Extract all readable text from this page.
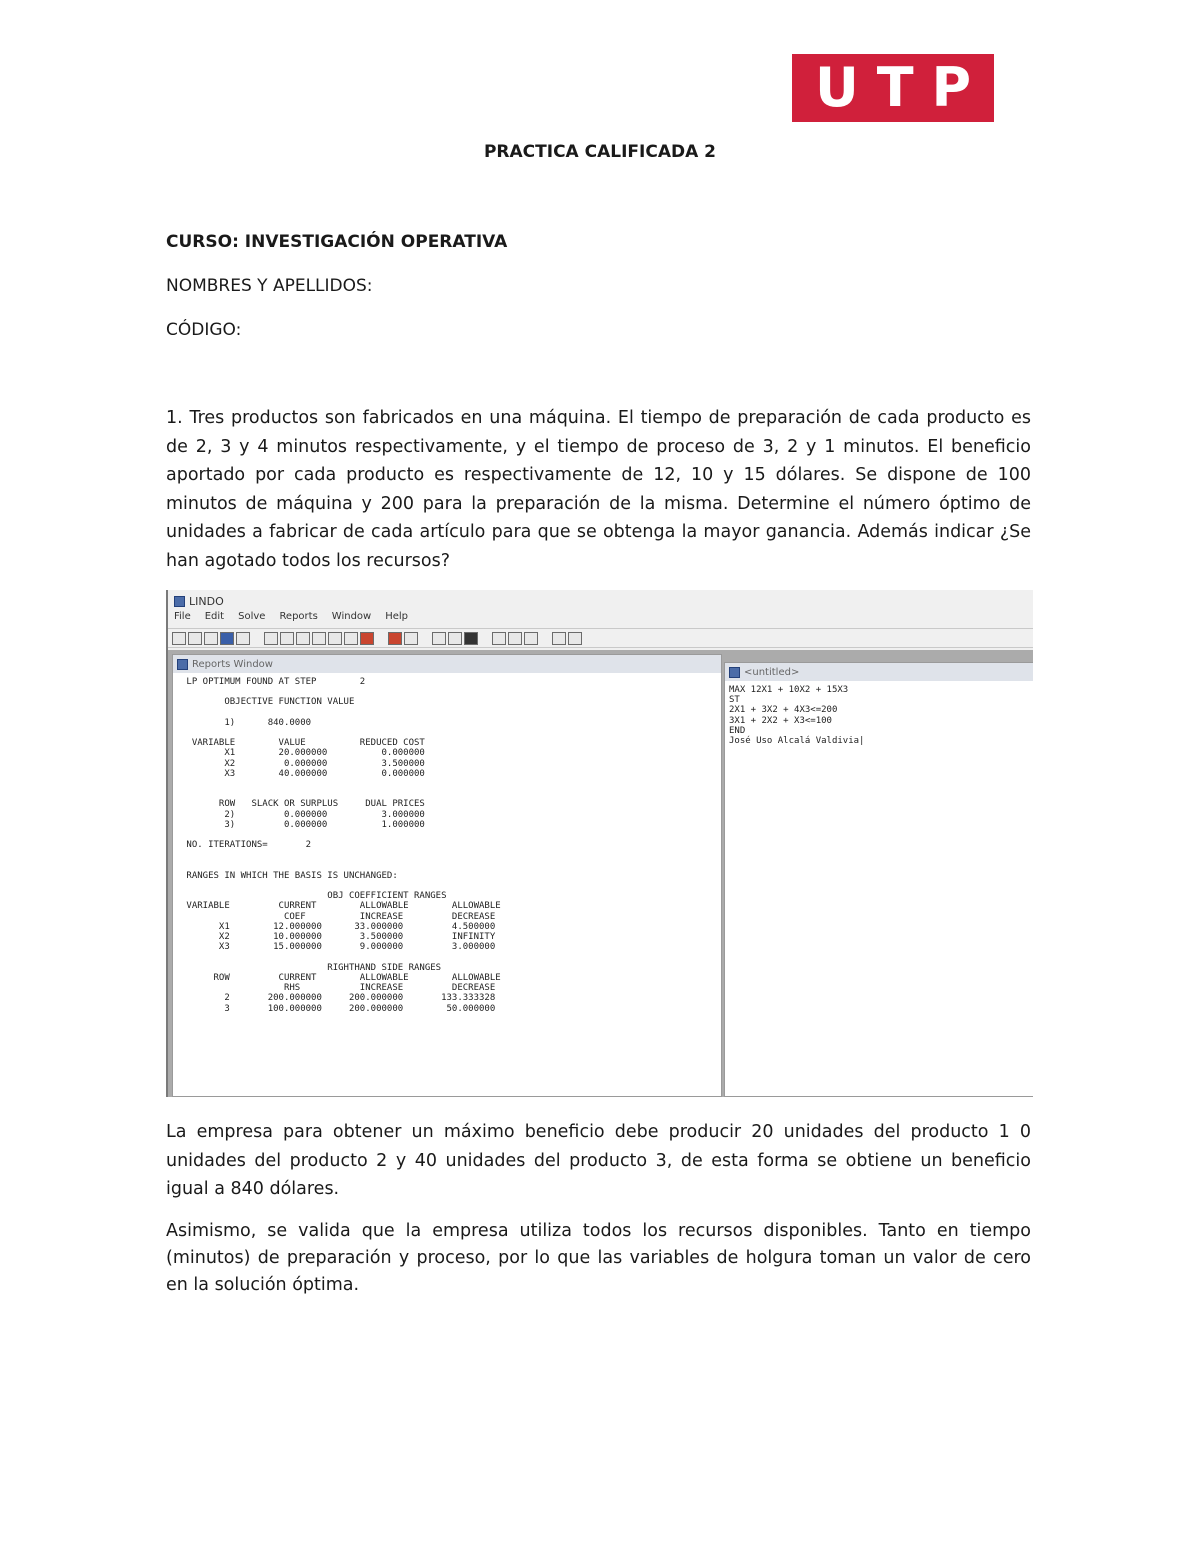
U T P
PRACTICA CALIFICADA 2
CURSO: INVESTIGACIÓN OPERATIVA
NOMBRES Y APELLIDOS:
CÓDIGO:
1. Tres productos son fabricados en una máquina. El tiempo de preparación de cada producto es de 2, 3 y 4 minutos respectivamente, y el tiempo de proceso de 3, 2 y 1 minutos. El beneficio aportado por cada producto es respectivamente de 12, 10 y 15 dólares. Se dispone de 100 minutos de máquina y 200 para la preparación de la misma. Determine el número óptimo de unidades a fabricar de cada artículo para que se obtenga la mayor ganancia. Además indicar ¿Se han agotado todos los recursos?
LINDO
File Edit Solve Reports Window Help
Reports Window
LP OPTIMUM FOUND AT STEP        2

OBJECTIVE FUNCTION VALUE

1)      840.0000

VARIABLE        VALUE          REDUCED COST
X1        20.000000          0.000000
X2         0.000000          3.500000
X3        40.000000          0.000000

ROW   SLACK OR SURPLUS     DUAL PRICES
2)         0.000000          3.000000
3)         0.000000          1.000000

NO. ITERATIONS=       2

RANGES IN WHICH THE BASIS IS UNCHANGED:

OBJ COEFFICIENT RANGES
VARIABLE         CURRENT        ALLOWABLE        ALLOWABLE
COEF          INCREASE         DECREASE
X1        12.000000      33.000000         4.500000
X2        10.000000       3.500000         INFINITY
X3        15.000000       9.000000         3.000000

RIGHTHAND SIDE RANGES
ROW         CURRENT        ALLOWABLE        ALLOWABLE
RHS           INCREASE         DECREASE
2       200.000000     200.000000       133.333328
3       100.000000     200.000000        50.000000
<untitled>
MAX 12X1 + 10X2 + 15X3
ST
2X1 + 3X2 + 4X3<=200
3X1 + 2X2 + X3<=100
END
José Uso Alcalá Valdivia|
La empresa para obtener un máximo beneficio debe producir 20 unidades del producto 1 0 unidades del producto 2 y 40 unidades del producto 3, de esta forma se obtiene un beneficio igual a 840 dólares.
Asimismo, se valida que la empresa utiliza todos los recursos disponibles. Tanto en tiempo (minutos) de preparación y proceso, por lo que las variables de holgura toman un valor de cero en la solución óptima.
